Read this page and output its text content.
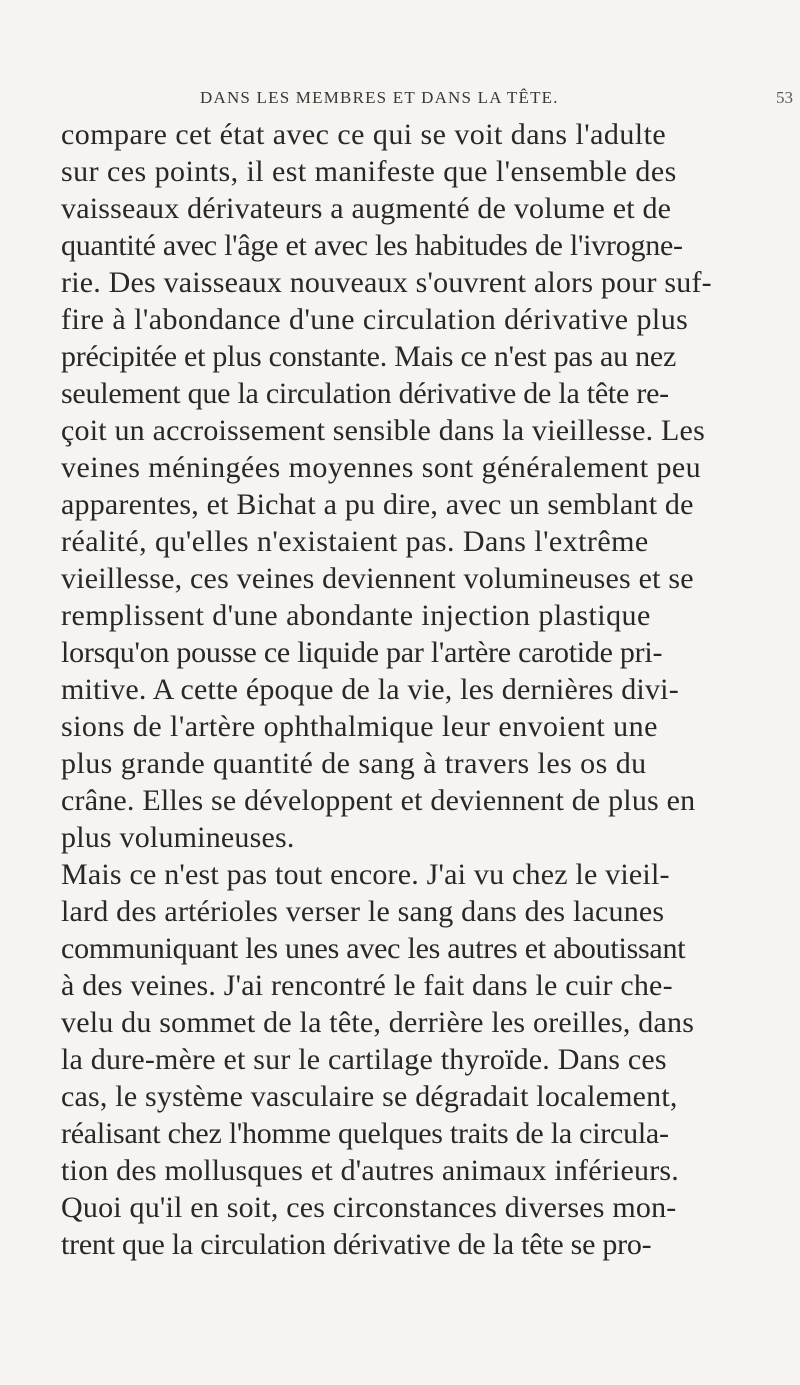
DANS LES MEMBRES ET DANS LA TÊTE.	53
compare cet état avec ce qui se voit dans l'adulte
sur ces points, il est manifeste que l'ensemble des
vaisseaux dérivateurs a augmenté de volume et de
quantité avec l'âge et avec les habitudes de l'ivrogne-
rie. Des vaisseaux nouveaux s'ouvrent alors pour suf-
fire à l'abondance d'une circulation dérivative plus
précipitée et plus constante. Mais ce n'est pas au nez
seulement que la circulation dérivative de la tête re-
çoit un accroissement sensible dans la vieillesse. Les
veines méningées moyennes sont généralement peu
apparentes, et Bichat a pu dire, avec un semblant de
réalité, qu'elles n'existaient pas. Dans l'extrême
vieillesse, ces veines deviennent volumineuses et se
remplissent d'une abondante injection plastique
lorsqu'on pousse ce liquide par l'artère carotide pri-
mitive. A cette époque de la vie, les dernières divi-
sions de l'artère ophthalmique leur envoient une
plus grande quantité de sang à travers les os du
crâne. Elles se développent et deviennent de plus en
plus volumineuses.
Mais ce n'est pas tout encore. J'ai vu chez le vieil-
lard des artérioles verser le sang dans des lacunes
communiquant les unes avec les autres et aboutissant
à des veines. J'ai rencontré le fait dans le cuir che-
velu du sommet de la tête, derrière les oreilles, dans
la dure-mère et sur le cartilage thyroïde. Dans ces
cas, le système vasculaire se dégradait localement,
réalisant chez l'homme quelques traits de la circula-
tion des mollusques et d'autres animaux inférieurs.
Quoi qu'il en soit, ces circonstances diverses mon-
trent que la circulation dérivative de la tête se pro-
